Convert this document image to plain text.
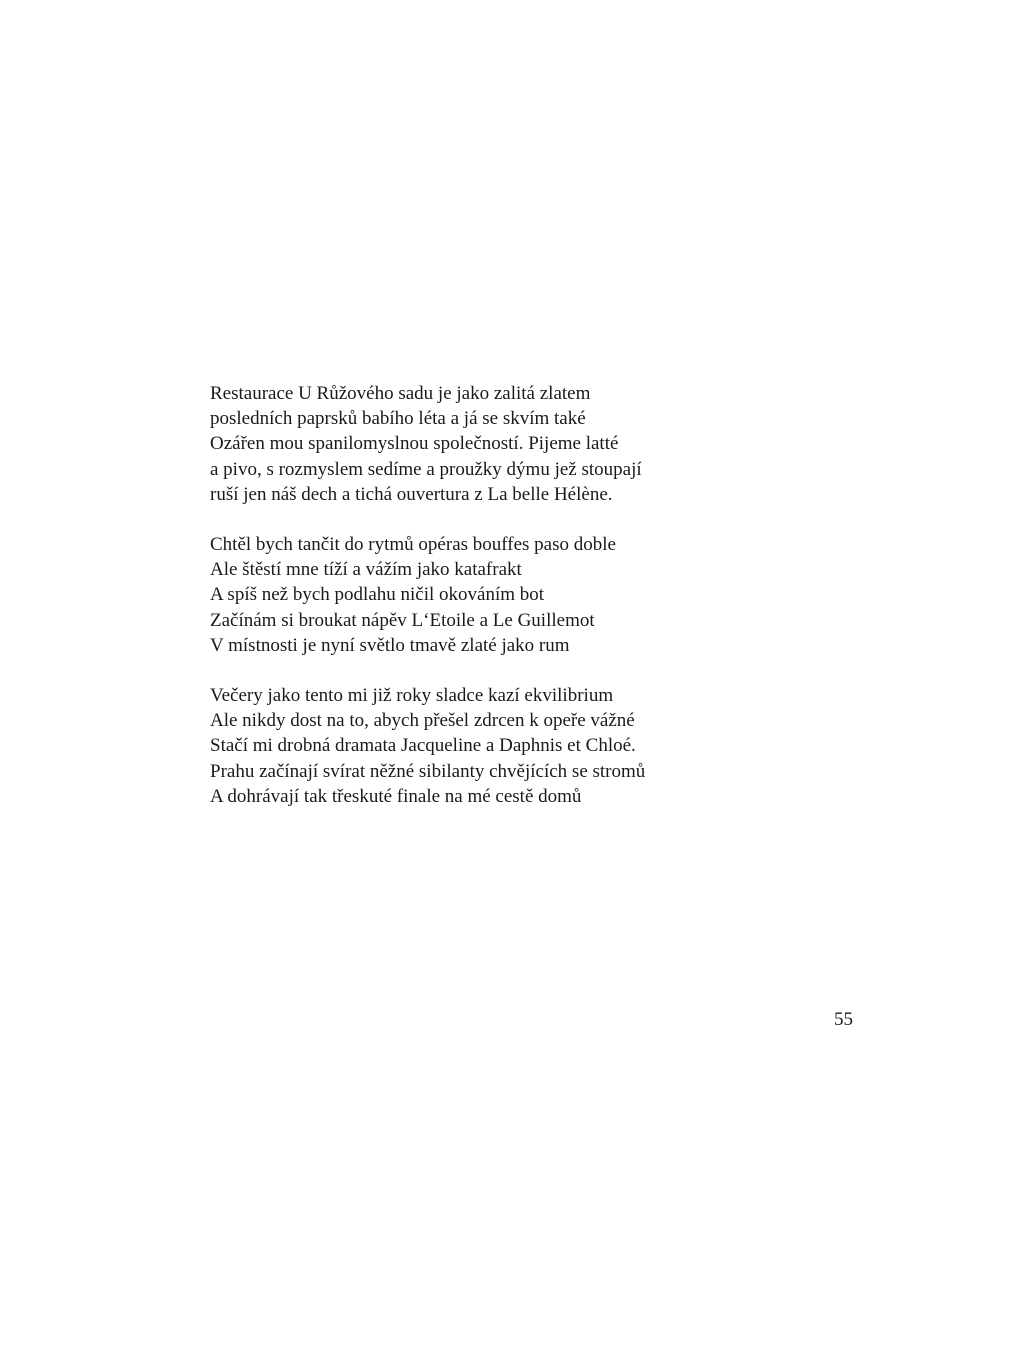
Restaurace U Růžového sadu je jako zalitá zlatem
posledních paprsků babího léta a já se skvím také
Ozářen mou spanilomyslnou společností. Pijeme latté
a pivo, s rozmyslem sedíme a proužky dýmu jež stoupají
ruší jen náš dech a tichá ouvertura z La belle Hélène.
Chtěl bych tančit do rytmů opéras bouffes paso doble
Ale štěstí mne tíží a vážím jako katafrakt
A spíš než bych podlahu ničil okováním bot
Začínám si broukat nápěv L‘Etoile a Le Guillemot
V místnosti je nyní světlo tmavě zlaté jako rum
Večery jako tento mi již roky sladce kazí ekvilibrium
Ale nikdy dost na to, abych přešel zdrcen k opeře vážné
Stačí mi drobná dramata Jacqueline a Daphnis et Chloé.
Prahu začínají svírat něžné sibilanty chvějících se stromů
A dohrávají tak třeskuté finale na mé cestě domů
55
